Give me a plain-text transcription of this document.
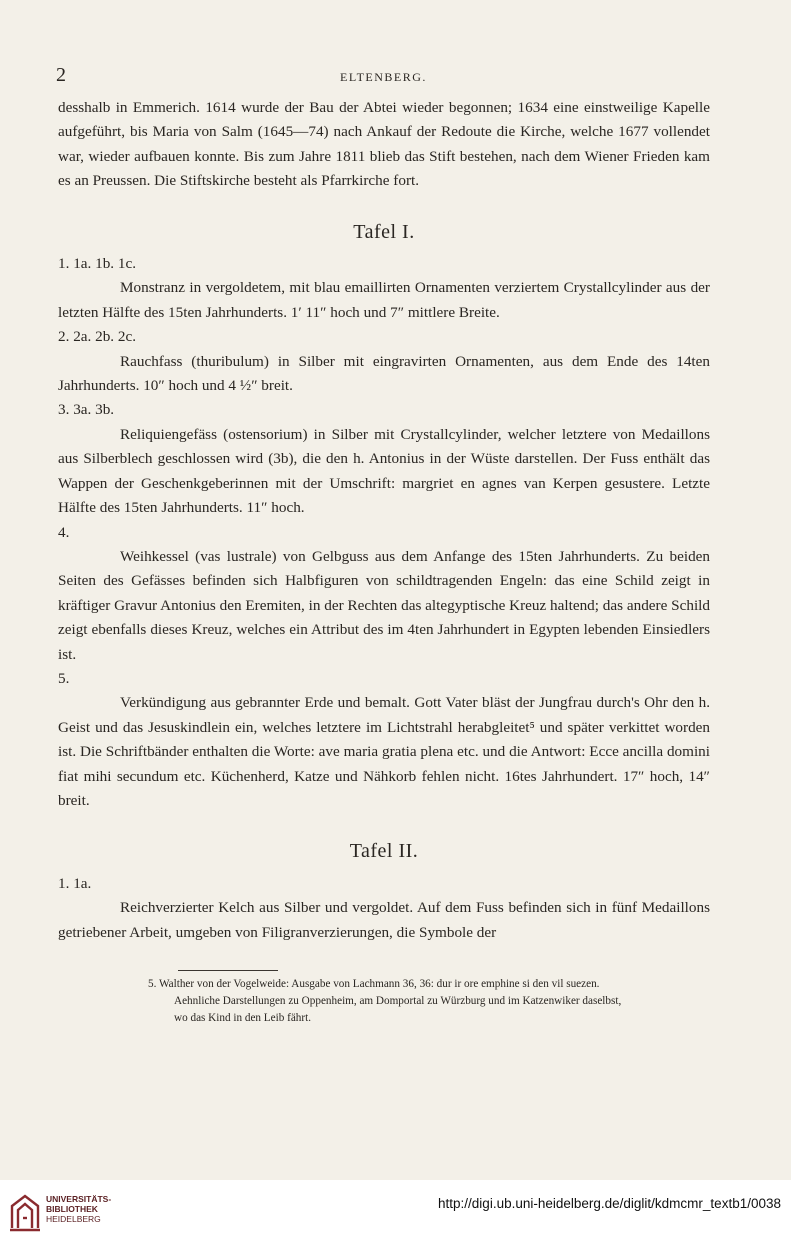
2	ELTENBERG.

desshalb in Emmerich. 1614 wurde der Bau der Abtei wieder begonnen; 1634 eine einstweilige Kapelle aufgeführt, bis Maria von Salm (1645—74) nach Ankauf der Redoute die Kirche, welche 1677 vollendet war, wieder aufbauen konnte. Bis zum Jahre 1811 blieb das Stift bestehen, nach dem Wiener Frieden kam es an Preussen. Die Stiftskirche besteht als Pfarrkirche fort.

Tafel I.

1. 1a. 1b. 1c.

Monstranz in vergoldetem, mit blau emaillirten Ornamenten verziertem Crystallcylinder aus der letzten Hälfte des 15ten Jahrhunderts. 1′ 11″ hoch und 7″ mittlere Breite.

2. 2a. 2b. 2c.

Rauchfass (thuribulum) in Silber mit eingravirten Ornamenten, aus dem Ende des 14ten Jahrhunderts. 10″ hoch und 4 ½″ breit.

3. 3a. 3b.

Reliquiengefäss (ostensorium) in Silber mit Crystallcylinder, welcher letztere von Medaillons aus Silberblech geschlossen wird (3b), die den h. Antonius in der Wüste darstellen. Der Fuss enthält das Wappen der Geschenkgeberinnen mit der Umschrift: margriet en agnes van Kerpen gesustere. Letzte Hälfte des 15ten Jahrhunderts. 11″ hoch.

4.

Weihkessel (vas lustrale) von Gelbguss aus dem Anfange des 15ten Jahrhunderts. Zu beiden Seiten des Gefässes befinden sich Halbfiguren von schildtragenden Engeln: das eine Schild zeigt in kräftiger Gravur Antonius den Eremiten, in der Rechten das altegyptische Kreuz haltend; das andere Schild zeigt ebenfalls dieses Kreuz, welches ein Attribut des im 4ten Jahrhundert in Egypten lebenden Einsiedlers ist.

5.

Verkündigung aus gebrannter Erde und bemalt. Gott Vater bläst der Jungfrau durch's Ohr den h. Geist und das Jesuskindlein ein, welches letztere im Lichtstrahl herabgleitet⁵ und später verkittet worden ist. Die Schriftbänder enthalten die Worte: ave maria gratia plena etc. und die Antwort: Ecce ancilla domini fiat mihi secundum etc. Küchenherd, Katze und Nähkorb fehlen nicht. 16tes Jahrhundert. 17″ hoch, 14″ breit.

Tafel II.

1. 1a.

Reichverzierter Kelch aus Silber und vergoldet. Auf dem Fuss befinden sich in fünf Medaillons getriebener Arbeit, umgeben von Filigranverzierungen, die Symbole der

5. Walther von der Vogelweide: Ausgabe von Lachmann 36, 36: dur ir ore emphine si den vil suezen.

Aehnliche Darstellungen zu Oppenheim, am Domportal zu Würzburg und im Katzenwiker daselbst,

wo das Kind in den Leib fährt.

UNIVERSITÄTS-
BIBLIOTHEK
HEIDELBERG
http://digi.ub.uni-heidelberg.de/diglit/kdmcmr_textb1/0038
